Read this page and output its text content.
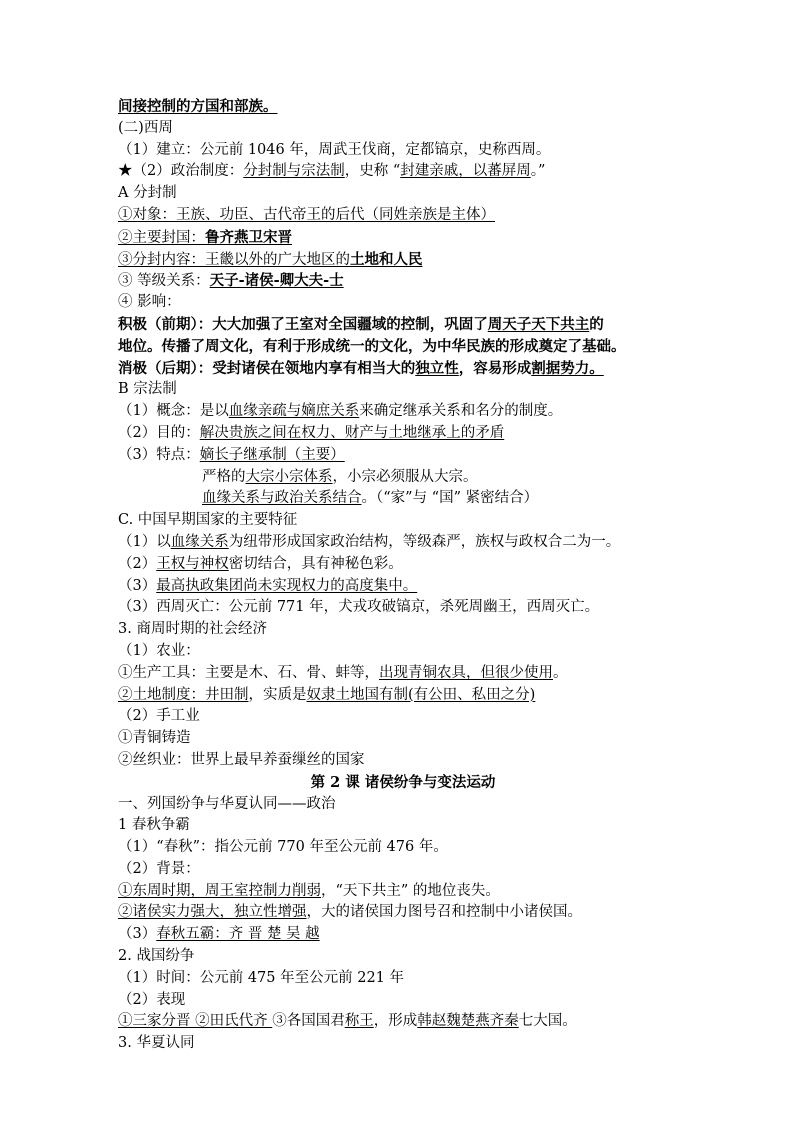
间接控制的方国和部族。
(二)西周
（1）建立：公元前 1046 年，周武王伐商，定都镐京，史称西周。
★（2）政治制度：分封制与宗法制，史称 “封建亲戚，以蕃屏周。”
A 分封制
①对象：王族、功臣、古代帝王的后代（同姓亲族是主体）
②主要封国：鲁齐燕卫宋晋
③分封内容：王畿以外的广大地区的土地和人民
③ 等级关系：天子-诸侯-卿大夫-士
④ 影响：
积极（前期）：大大加强了王室对全国疆域的控制，巩固了周天子天下共主的
地位。传播了周文化，有利于形成统一的文化，为中华民族的形成奠定了基础。
消极（后期）：受封诸侯在领地内享有相当大的独立性，容易形成割据势力。
B 宗法制
（1）概念：是以血缘亲疏与嫡庶关系来确定继承关系和名分的制度。
（2）目的：解决贵族之间在权力、财产与土地继承上的矛盾
（3）特点：嫡长子继承制（主要）
严格的大宗小宗体系，小宗必须服从大宗。
血缘关系与政治关系结合。（“家”与 “国” 紧密结合）
C. 中国早期国家的主要特征
（1）以血缘关系为纽带形成国家政治结构，等级森严，族权与政权合二为一。
（2）王权与神权密切结合，具有神秘色彩。
（3）最高执政集团尚未实现权力的高度集中。
（3）西周灭亡：公元前 771 年，犬戎攻破镐京，杀死周幽王，西周灭亡。
3. 商周时期的社会经济
（1）农业：
①生产工具：主要是木、石、骨、蚌等，出现青铜农具，但很少使用。
②土地制度：井田制，实质是奴隶土地国有制(有公田、私田之分)
（2）手工业
①青铜铸造
②丝织业：世界上最早养蚕缫丝的国家
第 2 课 诸侯纷争与变法运动
一、列国纷争与华夏认同——政治
1 春秋争霸
（1）“春秋”：指公元前 770 年至公元前 476 年。
（2）背景：
①东周时期，周王室控制力削弱，“天下共主” 的地位丧失。
②诸侯实力强大，独立性增强，大的诸侯国力图号召和控制中小诸侯国。
（3）春秋五霸：齐 晋 楚 吴 越
2. 战国纷争
（1）时间：公元前 475 年至公元前 221 年
（2）表现
①三家分晋 ②田氏代齐 ③各国国君称王，形成韩赵魏楚燕齐秦七大国。
3. 华夏认同
